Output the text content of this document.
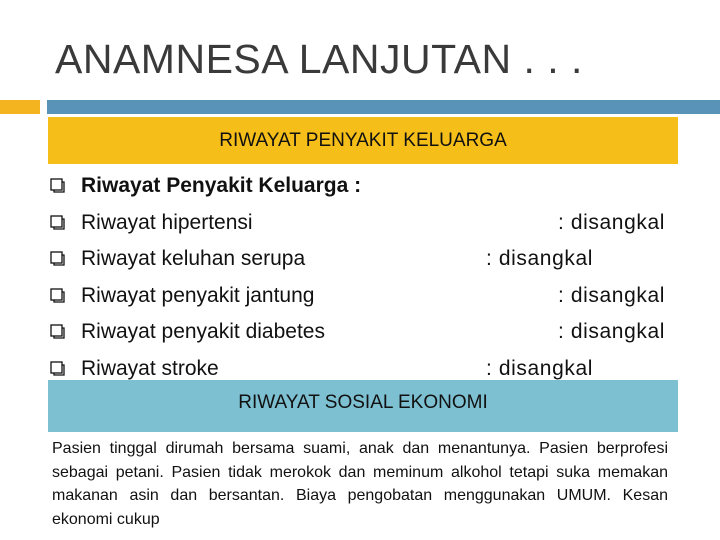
ANAMNESA LANJUTAN . . .
RIWAYAT PENYAKIT KELUARGA
Riwayat Penyakit Keluarga :
Riwayat hipertensi	: disangkal
Riwayat keluhan serupa	: disangkal
Riwayat penyakit jantung	: disangkal
Riwayat penyakit diabetes	: disangkal
Riwayat stroke	: disangkal
RIWAYAT SOSIAL EKONOMI
Pasien tinggal dirumah bersama suami, anak dan menantunya. Pasien berprofesi sebagai petani. Pasien tidak merokok dan meminum alkohol tetapi suka memakan makanan asin dan bersantan. Biaya pengobatan menggunakan UMUM. Kesan ekonomi cukup
